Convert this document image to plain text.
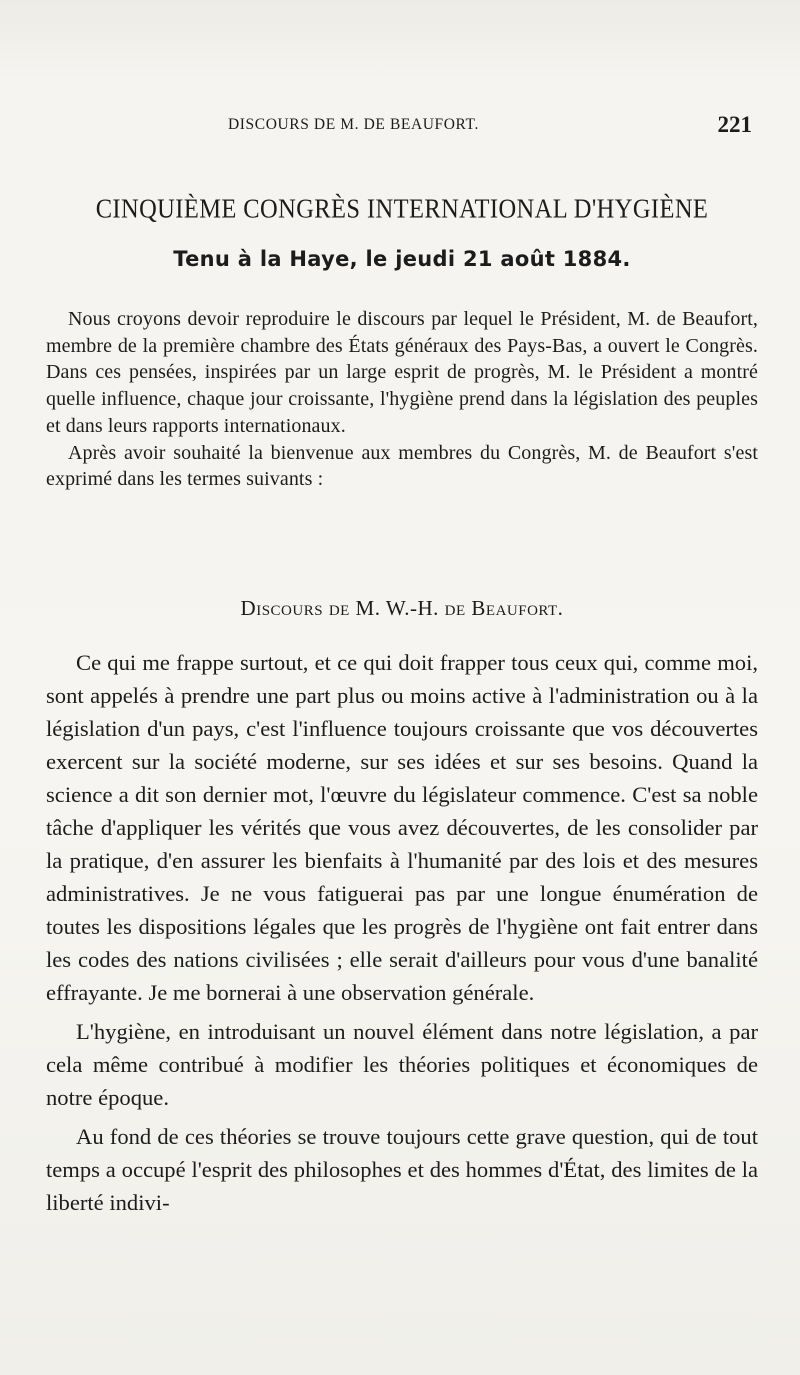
DISCOURS DE M. DE BEAUFORT.	221
CINQUIÈME CONGRÈS INTERNATIONAL D'HYGIÈNE
Tenu à la Haye, le jeudi 21 août 1884.

Nous croyons devoir reproduire le discours par lequel le Président, M. de Beaufort, membre de la première chambre des États généraux des Pays-Bas, a ouvert le Congrès. Dans ces pensées, inspirées par un large esprit de progrès, M. le Président a montré quelle influence, chaque jour croissante, l'hygiène prend dans la législation des peuples et dans leurs rapports internationaux.

Après avoir souhaité la bienvenue aux membres du Congrès, M. de Beaufort s'est exprimé dans les termes suivants :

Discours de M. W.-H. de Beaufort.

Ce qui me frappe surtout, et ce qui doit frapper tous ceux qui, comme moi, sont appelés à prendre une part plus ou moins active à l'administration ou à la législation d'un pays, c'est l'influence toujours croissante que vos découvertes exercent sur la société moderne, sur ses idées et sur ses besoins. Quand la science a dit son dernier mot, l'œuvre du législateur commence. C'est sa noble tâche d'appliquer les vérités que vous avez découvertes, de les consolider par la pratique, d'en assurer les bienfaits à l'humanité par des lois et des mesures administratives. Je ne vous fatiguerai pas par une longue énumération de toutes les dispositions légales que les progrès de l'hygiène ont fait entrer dans les codes des nations civilisées ; elle serait d'ailleurs pour vous d'une banalité effrayante. Je me bornerai à une observation générale.

L'hygiène, en introduisant un nouvel élément dans notre législation, a par cela même contribué à modifier les théories politiques et économiques de notre époque.

Au fond de ces théories se trouve toujours cette grave question, qui de tout temps a occupé l'esprit des philosophes et des hommes d'État, des limites de la liberté indivi-
